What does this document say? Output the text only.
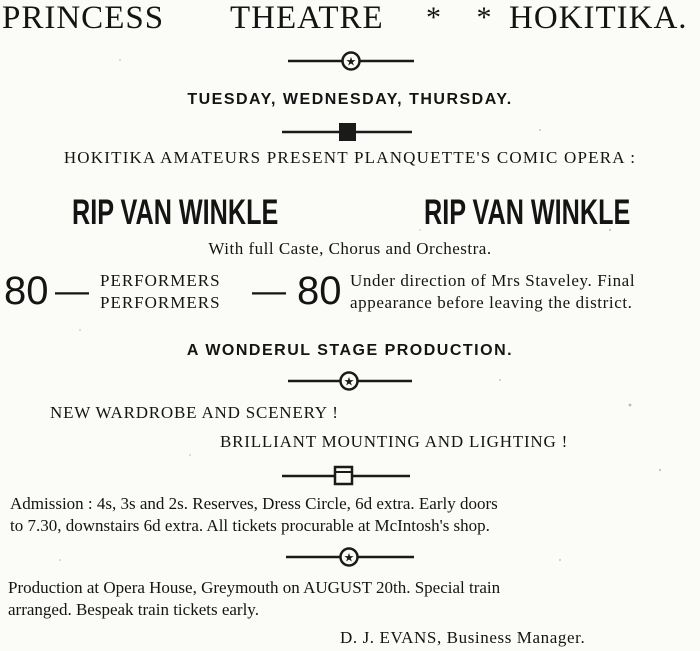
PRINCESS THEATRE * * HOKITIKA.
★
TUESDAY, WEDNESDAY, THURSDAY.
HOKITIKA AMATEURS PRESENT PLANQUETTE'S COMIC OPERA :
RIP VAN WINKLE	RIP VAN WINKLE
With full Caste, Chorus and Orchestra.
80 — PERFORMERS
PERFORMERS — 80 Under direction of Mrs Staveley. Final
appearance before leaving the district.
A WONDERUL STAGE PRODUCTION.
★
NEW WARDROBE AND SCENERY !
BRILLIANT MOUNTING AND LIGHTING !
Admission : 4s, 3s and 2s. Reserves, Dress Circle, 6d extra. Early doors
to 7.30, downstairs 6d extra. All tickets procurable at McIntosh's shop.
★
Production at Opera House, Greymouth on AUGUST 20th. Special train
arranged. Bespeak train tickets early.
D. J. EVANS, Business Manager.
